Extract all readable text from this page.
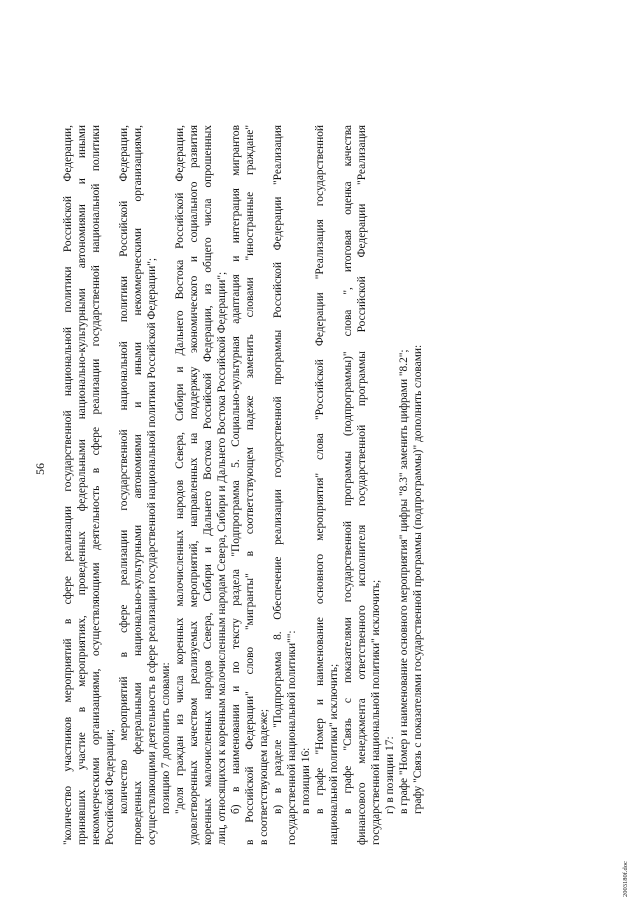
56 "количество участников мероприятий в сфере реализации государственной национальной политики Российской Федерации, принявших участие в мероприятиях, проведенных федеральными национально-культурными автономиями и иными некоммерческими организациями, осуществляющими деятельность в сфере реализации государственной национальной политики Российской Федерации; количество мероприятий в сфере реализации государственной национальной политики Российской Федерации, проведенных федеральными национально-культурными автономиями и иными некоммерческими организациями, осуществляющими деятельность в сфере реализации государственной национальной политики Российской Федерации"; позицию 7 дополнить словами: "доля граждан из числа коренных малочисленных народов Севера, Сибири и Дальнего Востока Российской Федерации, удовлетворенных качеством реализуемых мероприятий, направленных на поддержку экономического и социального развития коренных малочисленных народов Севера, Сибири и Дальнего Востока Российской Федерации, из общего числа опрошенных лиц, относящихся к коренным малочисленным народам Севера, Сибири и Дальнего Востока Российской Федерации"; б) в наименовании и по тексту раздела "Подпрограмма 5. Социально-культурная адаптация и интеграция мигрантов в Российской Федерации" слово "мигранты" в соответствующем падеже заменить словами "иностранные граждане" в соответствующем падеже; в) в разделе "Подпрограмма 8. Обеспечение реализации государственной программы Российской Федерации "Реализация государственной национальной политики"": в позиции 16: в графе "Номер и наименование основного мероприятия" слова "Российской Федерации "Реализация государственной национальной политики" исключить; в графе "Связь с показателями государственной программы (подпрограммы)" слова ", итоговая оценка качества финансового менеджмента ответственного исполнителя государственной программы Российской Федерации "Реализация государственной национальной политики" исключить; г) в позиции 17: в графе "Номер и наименование основного мероприятия" цифры "8.3" заменить цифрами "8.2"; графу "Связь с показателями государственной программы (подпрограммы)" дополнить словами:
2003180f.doc
